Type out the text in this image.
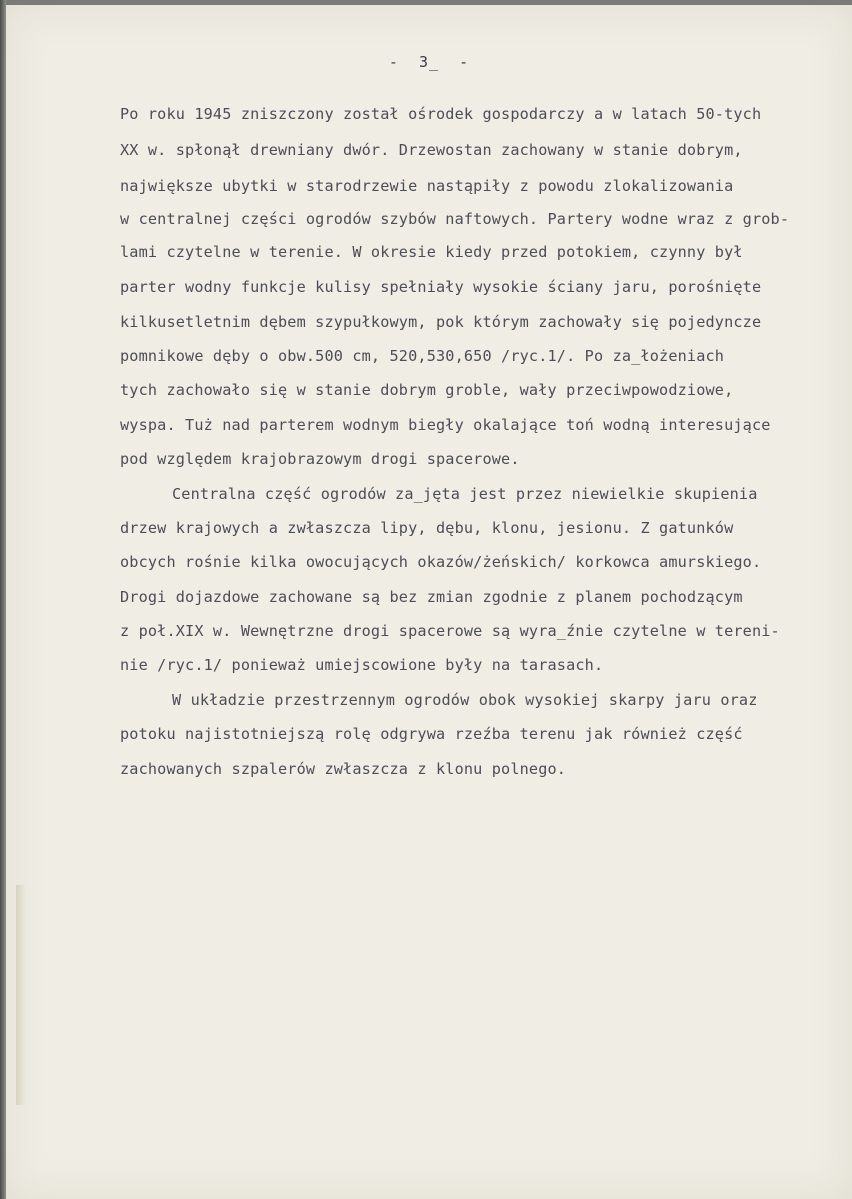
-  3_  -
Po roku 1945 zniszczony został ośrodek gospodarczy a w latach 50-tych
XX w. spłonął drewniany dwór. Drzewostan zachowany w stanie dobrym,
największe ubytki w starodrzewie nastąpiły z powodu zlokalizowania
w centralnej części ogrodów szybów naftowych. Partery wodne wraz z grob-
lami czytelne w terenie. W okresie kiedy przed potokiem, czynny był
parter wodny funkcje kulisy spełniały wysokie ściany jaru, porośnięte
kilkusetletnim dębem szypułkowym, pok którym zachowały się pojedyncze
pomnikowe dęby o obw.500 cm, 520,530,650 /ryc.1/. Po za_łożeniach
tych zachowało się w stanie dobrym groble, wały przeciwpowodziowe,
wyspa. Tuż nad parterem wodnym biegły okalające toń wodną interesujące
pod względem krajobrazowym drogi spacerowe.
Centralna część ogrodów za_jęta jest przez niewielkie skupienia
drzew krajowych a zwłaszcza lipy, dębu, klonu, jesionu. Z gatunków
obcych rośnie kilka owocujących okazów/żeńskich/ korkowca amurskiego.
Drogi dojazdowe zachowane są bez zmian zgodnie z planem pochodzącym
z poł.XIX w. Wewnętrzne drogi spacerowe są wyra_źnie czytelne w tereni-
nie /ryc.1/ ponieważ umiejscowione były na tarasach.
W układzie przestrzennym ogrodów obok wysokiej skarpy jaru oraz
potoku najistotniejszą rolę odgrywa rzeźba terenu jak również część
zachowanych szpalerów zwłaszcza z klonu polnego.
